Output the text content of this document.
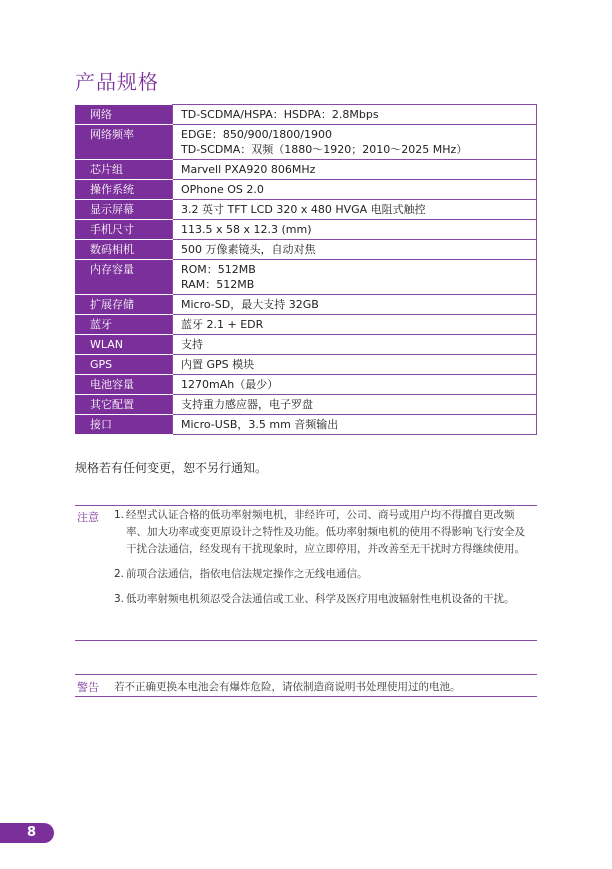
产品规格
网络	TD-SCDMA/HSPA：HSDPA：2.8Mbps

网络频率	EDGE：850/900/1800/1900
TD-SCDMA：双频（1880～1920；2010～2025 MHz）

芯片组	Marvell PXA920 806MHz

操作系统	OPhone OS 2.0

显示屏幕	3.2 英寸 TFT LCD 320 x 480 HVGA 电阻式触控

手机尺寸	113.5 x 58 x 12.3 (mm)

数码相机	500 万像素镜头，自动对焦

内存容量	ROM：512MB
RAM：512MB

扩展存储	Micro-SD，最大支持 32GB

蓝牙	蓝牙 2.1 + EDR

WLAN	支持

GPS	内置 GPS 模块

电池容量	1270mAh（最少）

其它配置	支持重力感应器，电子罗盘

接口	Micro-USB，3.5 mm 音频输出
规格若有任何变更，恕不另行通知。
注意 1. 经型式认证合格的低功率射频电机，非经许可，公司、商号或用户均不得擅自更改频率、加大功率或变更原设计之特性及功能。低功率射频电机的使用不得影响飞行安全及干扰合法通信，经发现有干扰现象时，应立即停用，并改善至无干扰时方得继续使用。
2. 前项合法通信，指依电信法规定操作之无线电通信。
3. 低功率射频电机须忍受合法通信或工业、科学及医疗用电波辐射性电机设备的干扰。
警告 若不正确更换本电池会有爆炸危险，请依制造商说明书处理使用过的电池。
8
